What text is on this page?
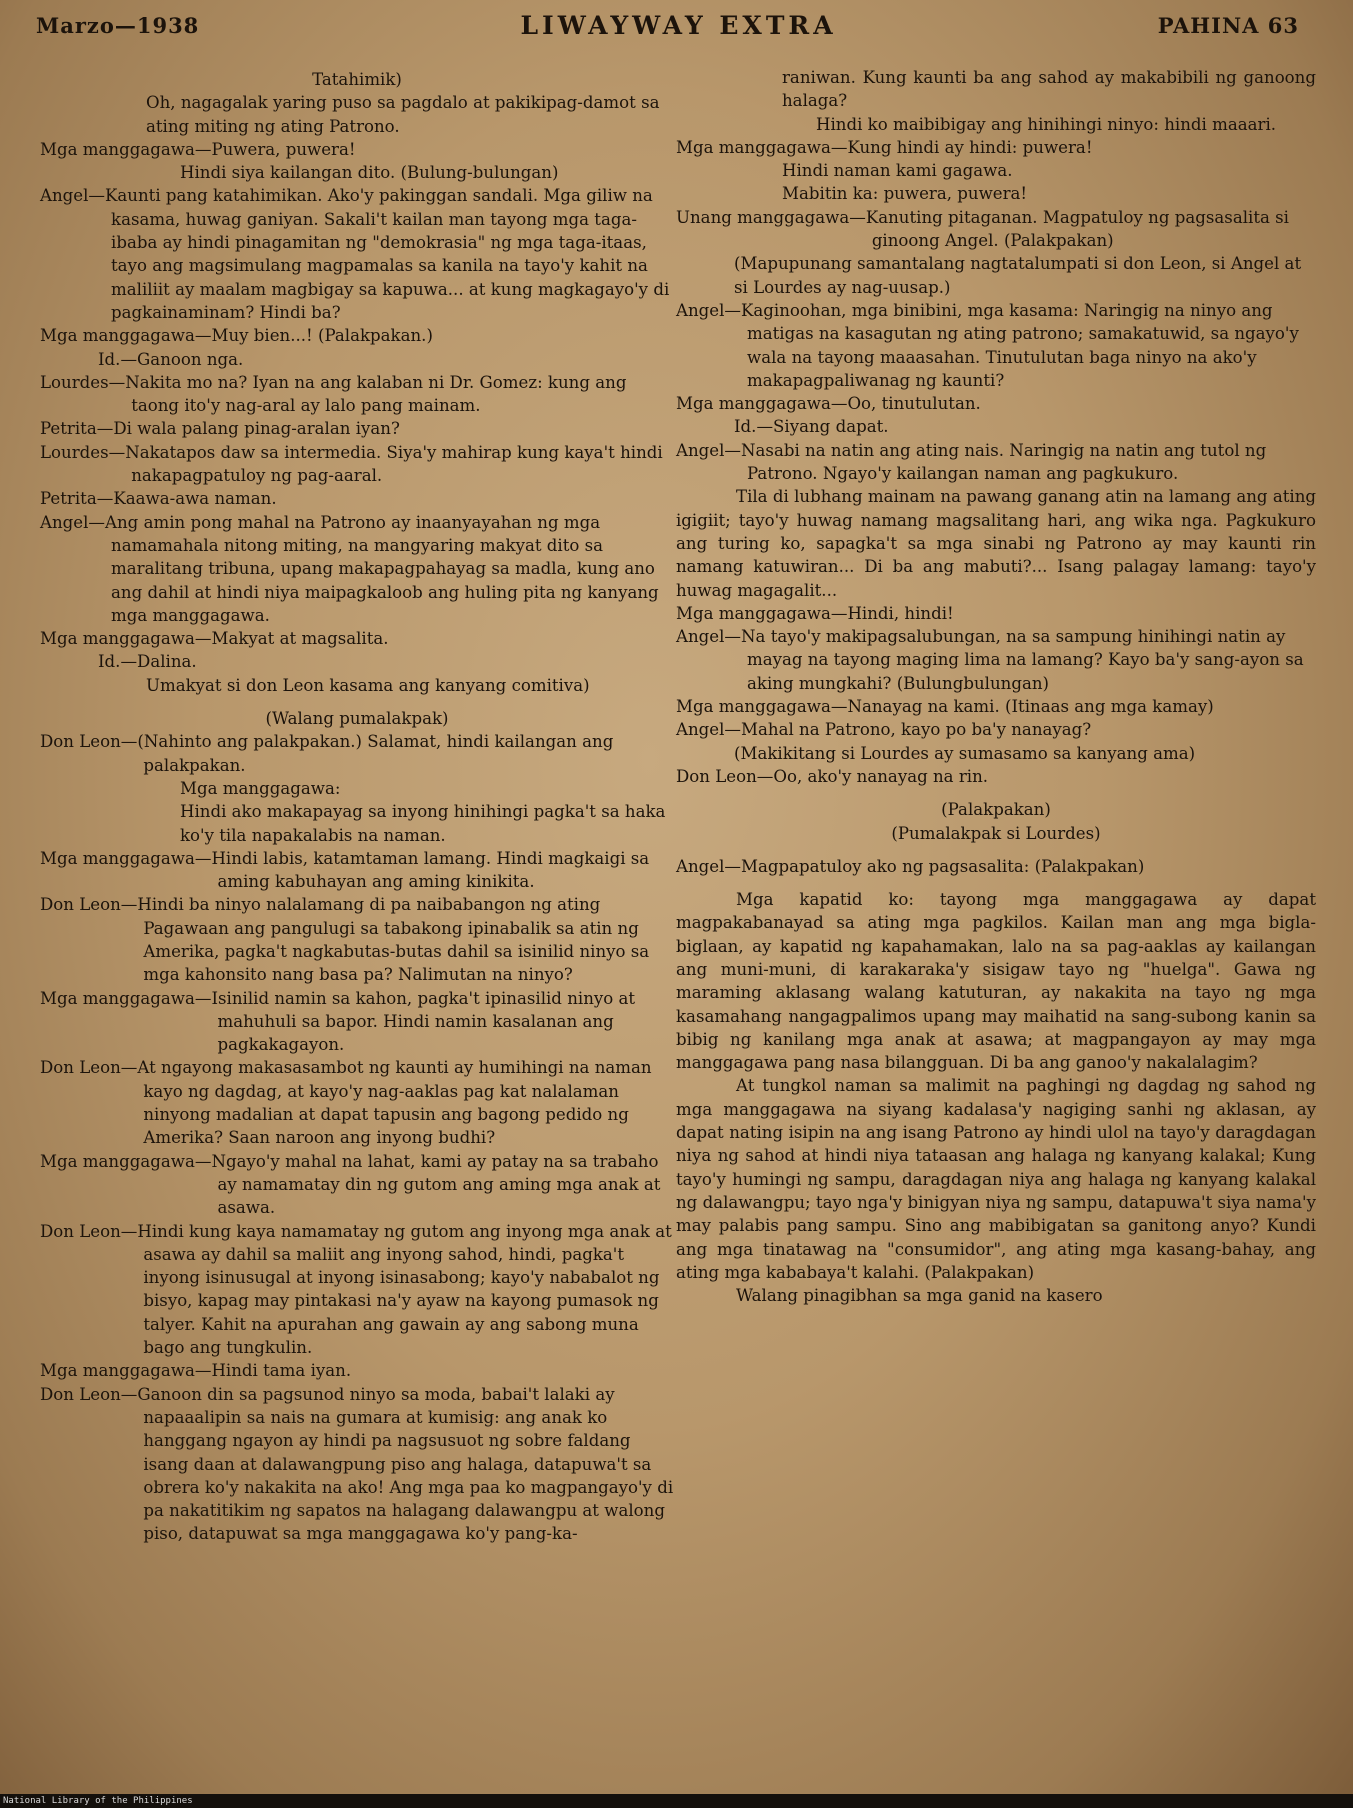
Marzo—1938	LIWAYWAY EXTRA	PAHINA 63

Tatahimik)

Oh, nagagalak yaring puso sa pagdalo at pakikipag-damot sa ating miting ng ating Patrono.

Mga manggagawa— Puwera, puwera!

Hindi siya kailangan dito. (Bulung-bulungan)

Angel— Kaunti pang katahimikan. Ako'y pakinggan sandali. Mga giliw na kasama, huwag ganiyan. Sakali't kailan man tayong mga taga-ibaba ay hindi pinagamitan ng "demokrasia" ng mga taga-itaas, tayo ang magsimulang magpamalas sa kanila na tayo'y kahit na maliliit ay maalam magbigay sa kapuwa... at kung magkagayo'y di pagkainaminam? Hindi ba?
Mga manggagawa— Muy bien...! (Palakpakan.)

Id.—Ganoon nga.

Lourdes— Nakita mo na? Iyan na ang kalaban ni Dr. Gomez: kung ang taong ito'y nag-aral ay lalo pang mainam.
Petrita— Di wala palang pinag-aralan iyan?
Lourdes— Nakatapos daw sa intermedia. Siya'y mahirap kung kaya't hindi nakapagpatuloy ng pag-aaral.
Petrita— Kaawa-awa naman.
Angel— Ang amin pong mahal na Patrono ay inaanyayahan ng mga namamahala nitong miting, na mangyaring makyat dito sa maralitang tribuna, upang makapagpahayag sa madla, kung ano ang dahil at hindi niya maipagkaloob ang huling pita ng kanyang mga manggagawa.
Mga manggagawa— Makyat at magsalita.

Id.—Dalina.

Umakyat si don Leon kasama ang kanyang comitiva)

(Walang pumalakpak)

Don Leon— (Nahinto ang palakpakan.) Salamat, hindi kailangan ang palakpakan.

Mga manggagawa:

Hindi ako makapayag sa inyong hinihingi pagka't sa haka ko'y tila napakalabis na naman.

Mga manggagawa— Hindi labis, katamtaman lamang. Hindi magkaigi sa aming kabuhayan ang aming kinikita.
Don Leon— Hindi ba ninyo nalalamang di pa naibabangon ng ating Pagawaan ang pangulugi sa tabakong ipinabalik sa atin ng Amerika, pagka't nagkabutas-butas dahil sa isinilid ninyo sa mga kahonsito nang basa pa? Nalimutan na ninyo?
Mga manggagawa— Isinilid namin sa kahon, pagka't ipinasilid ninyo at mahuhuli sa bapor. Hindi namin kasalanan ang pagkakagayon.
Don Leon— At ngayong makasasambot ng kaunti ay humihingi na naman kayo ng dagdag, at kayo'y nag-aaklas pag kat nalalaman ninyong madalian at dapat tapusin ang bagong pedido ng Amerika? Saan naroon ang inyong budhi?
Mga manggagawa— Ngayo'y mahal na lahat, kami ay patay na sa trabaho ay namamatay din ng gutom ang aming mga anak at asawa.
Don Leon— Hindi kung kaya namamatay ng gutom ang inyong mga anak at asawa ay dahil sa maliit ang inyong sahod, hindi, pagka't inyong isinusugal at inyong isinasabong; kayo'y nababalot ng bisyo, kapag may pintakasi na'y ayaw na kayong pumasok ng talyer. Kahit na apurahan ang gawain ay ang sabong muna bago ang tungkulin.
Mga manggagawa— Hindi tama iyan.
Don Leon— Ganoon din sa pagsunod ninyo sa moda, babai't lalaki ay napaaalipin sa nais na gumara at kumisig: ang anak ko hanggang ngayon ay hindi pa nagsusuot ng sobre faldang isang daan at dalawangpung piso ang halaga, datapuwa't sa obrera ko'y nakakita na ako! Ang mga paa ko magpangayo'y di pa nakatitikim ng sapatos na halagang dalawangpu at walong piso, datapuwat sa mga manggagawa ko'y pang-ka-

raniwan. Kung kaunti ba ang sahod ay makabibili ng ganoong halaga?

Hindi ko maibibigay ang hinihingi ninyo: hindi maaari.

Mga manggagawa— Kung hindi ay hindi: puwera!

Hindi naman kami gagawa.

Mabitin ka: puwera, puwera!

Unang manggagawa— Kanuting pitaganan. Magpatuloy ng pagsasalita si ginoong Angel. (Palakpakan)

(Mapupunang samantalang nagtatalumpati si don Leon, si Angel at si Lourdes ay nag-uusap.)

Angel— Kaginoohan, mga binibini, mga kasama: Naringig na ninyo ang matigas na kasagutan ng ating patrono; samakatuwid, sa ngayo'y wala na tayong maaasahan. Tinutulutan baga ninyo na ako'y makapagpaliwanag ng kaunti?
Mga manggagawa— Oo, tinutulutan.

Id.—Siyang dapat.

Angel— Nasabi na natin ang ating nais. Naringig na natin ang tutol ng Patrono. Ngayo'y kailangan naman ang pagkukuro.

Tila di lubhang mainam na pawang ganang atin na lamang ang ating igigiit; tayo'y huwag namang magsalitang hari, ang wika nga. Pagkukuro ang turing ko, sapagka't sa mga sinabi ng Patrono ay may kaunti rin namang katuwiran... Di ba ang mabuti?... Isang palagay lamang: tayo'y huwag magagalit...

Mga manggagawa— Hindi, hindi!
Angel— Na tayo'y makipagsalubungan, na sa sampung hinihingi natin ay mayag na tayong maging lima na lamang? Kayo ba'y sang-ayon sa aking mungkahi? (Bulungbulungan)
Mga manggagawa— Nanayag na kami. (Itinaas ang mga kamay)
Angel— Mahal na Patrono, kayo po ba'y nanayag?

(Makikitang si Lourdes ay sumasamo sa kanyang ama)

Don Leon— Oo, ako'y nanayag na rin.

(Palakpakan)

(Pumalakpak si Lourdes)

Angel— Magpapatuloy ako ng pagsasalita: (Palakpakan)

Mga kapatid ko: tayong mga manggagawa ay dapat magpakabanayad sa ating mga pagkilos. Kailan man ang mga bigla-biglaan, ay kapatid ng kapahamakan, lalo na sa pag-aaklas ay kailangan ang muni-muni, di karakaraka'y sisigaw tayo ng "huelga". Gawa ng maraming aklasang walang katuturan, ay nakakita na tayo ng mga kasamahang nangagpalimos upang may maihatid na sang-subong kanin sa bibig ng kanilang mga anak at asawa; at magpangayon ay may mga manggagawa pang nasa bilangguan. Di ba ang ganoo'y nakalalagim?

At tungkol naman sa malimit na paghingi ng dagdag ng sahod ng mga manggagawa na siyang kadalasa'y nagiging sanhi ng aklasan, ay dapat nating isipin na ang isang Patrono ay hindi ulol na tayo'y daragdagan niya ng sahod at hindi niya tataasan ang halaga ng kanyang kalakal; Kung tayo'y humingi ng sampu, daragdagan niya ang halaga ng kanyang kalakal ng dalawangpu; tayo nga'y binigyan niya ng sampu, datapuwa't siya nama'y may palabis pang sampu. Sino ang mabibigatan sa ganitong anyo? Kundi ang mga tinatawag na "consumidor", ang ating mga kasang-bahay, ang ating mga kababaya't kalahi. (Palakpakan)

Walang pinagibhan sa mga ganid na kasero

National Library of the Philippines
